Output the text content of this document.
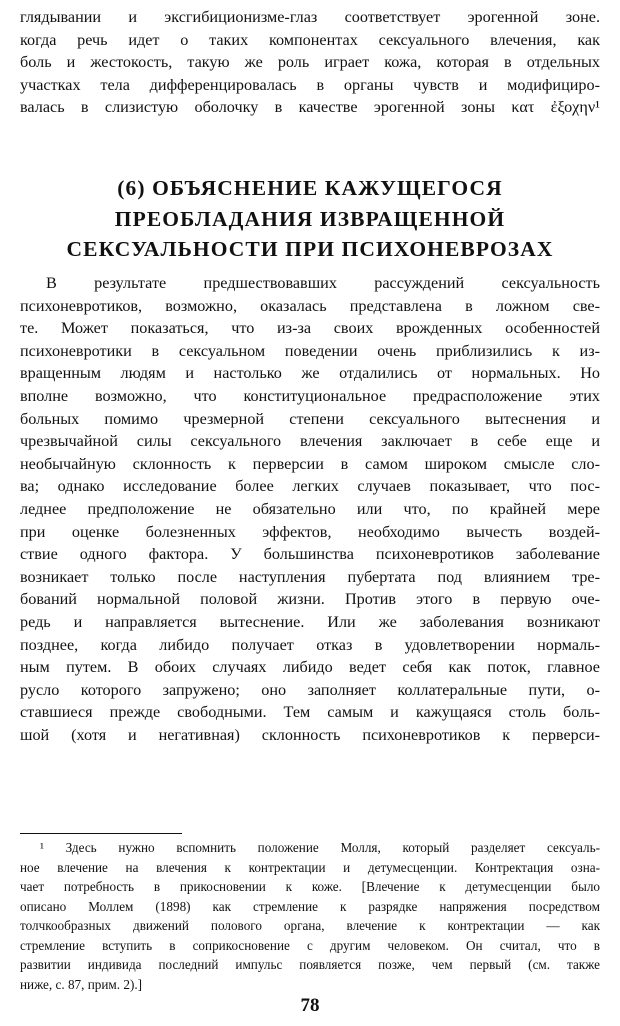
глядывании и эксгибиционизме-глаз соответствует эрогенной зоне.
когда речь идет о таких компонентах сексуального влечения, как
боль и жестокость, такую же роль играет кожа, которая в отдельных
участках тела дифференцировалась в органы чувств и модифициро-
валась в слизистую оболочку в качестве эрогенной зоны κατ ἐξοχην¹
(6) ОБЪЯСНЕНИЕ КАЖУЩЕГОСЯ
ПРЕОБЛАДАНИЯ ИЗВРАЩЕННОЙ
СЕКСУАЛЬНОСТИ ПРИ ПСИХОНЕВРОЗАХ
В результате предшествовавших рассуждений сексуальность
психоневротиков, возможно, оказалась представлена в ложном све-
те. Может показаться, что из-за своих врожденных особенностей
психоневротики в сексуальном поведении очень приблизились к из-
вращенным людям и настолько же отдалились от нормальных. Но
вполне возможно, что конституциональное предрасположение этих
больных помимо чрезмерной степени сексуального вытеснения и
чрезвычайной силы сексуального влечения заключает в себе еще и
необычайную склонность к перверсии в самом широком смысле сло-
ва; однако исследование более легких случаев показывает, что пос-
леднее предположение не обязательно или что, по крайней мере
при оценке болезненных эффектов, необходимо вычесть воздей-
ствие одного фактора. У большинства психоневротиков заболевание
возникает только после наступления пубертата под влиянием тре-
бований нормальной половой жизни. Против этого в первую оче-
редь и направляется вытеснение. Или же заболевания возникают
позднее, когда либидо получает отказ в удовлетворении нормаль-
ным путем. В обоих случаях либидо ведет себя как поток, главное
русло которого запружено; оно заполняет коллатеральные пути, о-
ставшиеся прежде свободными. Тем самым и кажущаяся столь боль-
шой (хотя и негативная) склонность психоневротиков к перверси-
¹ Здесь нужно вспомнить положение Молля, который разделяет сексуаль-
ное влечение на влечения к контректации и детумесценции. Контректация озна-
чает потребность в прикосновении к коже. [Влечение к детумесценции было
описано Моллем (1898) как стремление к разрядке напряжения посредством
толчкообразных движений полового органа, влечение к контректации — как
стремление вступить в соприкосновение с другим человеком. Он считал, что в
развитии индивида последний импульс появляется позже, чем первый (см. также
ниже, с. 87, прим. 2).]
78
